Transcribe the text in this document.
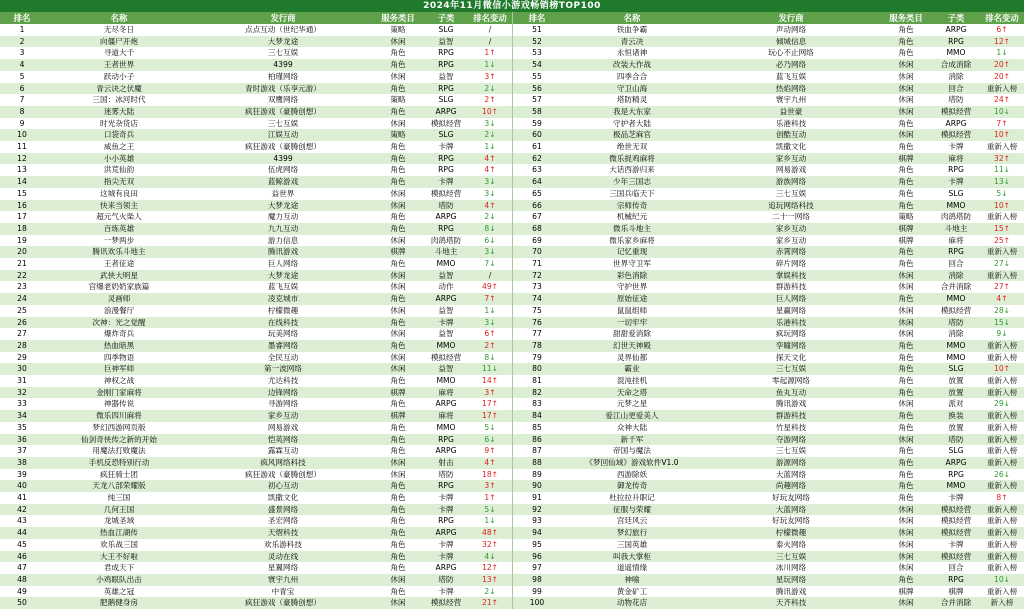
2024年11月微信小游戏畅销榜TOP100
排名	名称	发行商	服务类目	子类	排名变动	排名	名称	发行商	服务类目	子类	排名变动
1	无尽冬日	点点互动（世纪华通）	策略	SLG	/	51	铁血争霸	声动网络	角色	ARPG	6↑
2	向僵尸开炮	大梦龙途	休闲	益智	/	52	青云决	倾城信息	角色	RPG	12↑
3	寻道大千	三七互娱	角色	RPG	1↑	53	永恒诸神	玩心不止网络	角色	MMO	1↓
4	王者世界	4399	角色	RPG	1↓	54	改装大作战	必乃网络	休闲	合成消除	20↑
5	跃动小子	柏瑾网络	休闲	益智	3↑	55	四季合合	蓝飞互娱	休闲	消除	20↑
6	青云诀之伏魔	青时游戏（乐享元游）	角色	RPG	2↓	56	守卫山海	热焰网络	休闲	回合	重新入榜
7	三国：冰河时代	双鹰网络	策略	SLG	2↑	57	塔防精灵	寰宇九州	休闲	塔防	24↑
8	迷雾大陆	疯狂游戏（豪腾创想）	角色	ARPG	10↑	58	我是大东家	益世豪	休闲	模拟经营	10↓
9	时光杂货店	三七互娱	休闲	模拟经营	3↓	59	守护者大陆	乐港科技	角色	ARPG	7↑
10	口袋奇兵	江娱互动	策略	SLG	2↓	60	极品芝麻官	创酷互动	休闲	模拟经营	10↑
11	咸鱼之王	疯狂游戏（豪腾创想）	角色	卡牌	1↓	61	绝世无双	凯撒文化	角色	卡牌	重新入榜
12	小小英雄	4399	角色	RPG	4↑	62	微乐捉鸡麻将	家乡互动	棋牌	麻将	32↑
13	洪荒仙韵	伍虎网络	角色	RPG	4↑	63	大话西游归来	网易游戏	角色	RPG	11↓
14	指尖无双	蓝鲸游戏	角色	卡牌	3↓	64	少年三国志	游族网络	角色	卡牌	13↓
15	这城有良田	益世界	休闲	模拟经营	3↓	65	三国兵临天下	三七互娱	角色	SLG	5↓
16	快来当领主	大梦龙途	休闲	塔防	4↑	66	宗师传奇	追玩网络科技	角色	MMO	10↑
17	超元气火柴人	魔力互动	角色	ARPG	2↓	67	机械纪元	二十一网络	策略	肉鸽塔防	重新入榜
18	百炼英雄	九九互动	角色	RPG	8↓	68	微乐斗地主	家乡互动	棋牌	斗地主	15↑
19	一梦两步	游力信息	休闲	肉鸽塔防	6↓	69	微乐家乡麻将	家乡互动	棋牌	麻将	25↑
20	腾讯欢乐斗地主	腾讯游戏	棋牌	斗地主	3↓	70	记忆重现	赤霄网络	角色	RPG	重新入榜
21	王者征途	巨人网络	角色	MMO	7↓	71	世界守卫军	碎片网络	角色	回合	27↓
22	武侠大明星	大梦龙途	休闲	益智	/	72	彩色消除	掌娱科技	休闲	消除	重新入榜
23	宫爆老奶奶家族篇	蓝飞互娱	休闲	动作	49↑	73	守护世界	群游科技	休闲	合并消除	27↑
24	灵画师	凌克城市	角色	ARPG	7↑	74	原始征途	巨人网络	角色	MMO	4↑
25	浪漫餐厅	柠檬微趣	休闲	益智	1↓	75	鼠鼠组师	星赢网络	休闲	模拟经营	28↓
26	次神：光之觉醒	在线科技	角色	卡牌	3↓	76	一切牢牢	乐港科技	休闲	塔防	15↓
27	爆炸奇兵	玩美网络	休闲	益智	6↑	77	甜甜爱消除	疯玩网络	休闲	消除	9↓
28	热血暗黑	墨睿网络	角色	MMO	2↑	78	幻世天神殿	孪瞳网络	角色	MMO	重新入榜
29	四季物语	全民互动	休闲	模拟经营	8↓	79	灵界仙都	探天文化	角色	MMO	重新入榜
30	巨神军师	第一波网络	休闲	益智	11↓	80	霸业	三七互娱	角色	SLG	10↑
31	神权之战	尤达科技	角色	MMO	14↑	81	混沌挂机	零起源网络	角色	放置	重新入榜
32	金刚门家麻将	边锋网络	棋牌	麻将	3↑	82	天命之塔	鱼丸互动	角色	放置	重新入榜
33	神器传说	寻游网络	角色	ARPG	17↑	83	元梦之星	腾讯游戏	休闲	派对	29↓
34	微乐四川麻将	家乡互动	棋牌	麻将	17↑	84	爱江山更爱美人	群游科技	角色	换装	重新入榜
35	梦幻西游网页版	网易游戏	角色	MMO	5↓	85	众神大陆	竹星科技	角色	放置	重新入榜
36	仙剑奇侠传之新的开始	恺英网络	角色	RPG	6↓	86	新千军	夺游网络	休闲	塔防	重新入榜
37	用魔法打败魔法	露霖互动	角色	ARPG	9↑	87	帝国与魔法	三七互娱	角色	SLG	重新入榜
38	手机反恐特别行动	疯风网络科技	休闲	射击	4↑	88	《梦回仙域》游戏软件V1.0	游源网络	角色	ARPG	重新入榜
39	疯狂骑士团	疯狂游戏（豪腾创想）	休闲	塔防	18↑	89	西游除妖	大蓝网络	角色	RPG	26↓
40	天龙八部荣耀版	初心互动	角色	RPG	3↑	90	御龙传奇	尚趣网络	角色	MMO	重新入榜
41	纯三国	凯撒文化	角色	卡牌	1↑	91	杜拉拉升职记	好玩友网络	角色	卡牌	8↑
42	几何王国	盛景网络	角色	卡牌	5↓	92	征服与荣耀	大蓝网络	休闲	模拟经营	重新入榜
43	龙城圣域	圣宏网络	角色	RPG	1↓	93	宫廷风云	好玩友网络	休闲	模拟经营	重新入榜
44	热血江湖传	天熠科技	角色	ARPG	48↑	94	梦幻旅行	柠檬微趣	休闲	模拟经营	重新入榜
45	欢乐战三国	欢乐游科技	角色	卡牌	32↑	95	三国英雄	泰火网络	休闲	卡牌	重新入榜
46	大王不好啦	灵动在线	角色	卡牌	4↓	96	叫我大掌柜	三七互娱	休闲	模拟经营	重新入榜
47	君成天下	星翼网络	角色	ARPG	12↑	97	道遥情缘	冰川网络	休闲	回合	重新入榜
48	小鸡眼队出击	寰宇九州	休闲	塔防	13↑	98	神喻	星玩网络	角色	RPG	10↓
49	英雄之冠	中青宝	角色	卡牌	2↓	99	黄金矿工	腾讯游戏	棋牌	棋牌	重新入榜
50	肥鹅健身房	疯狂游戏（豪腾创想）	休闲	模拟经营	21↑	100	动物花店	天齐科技	休闲	合并消除	新入榜
